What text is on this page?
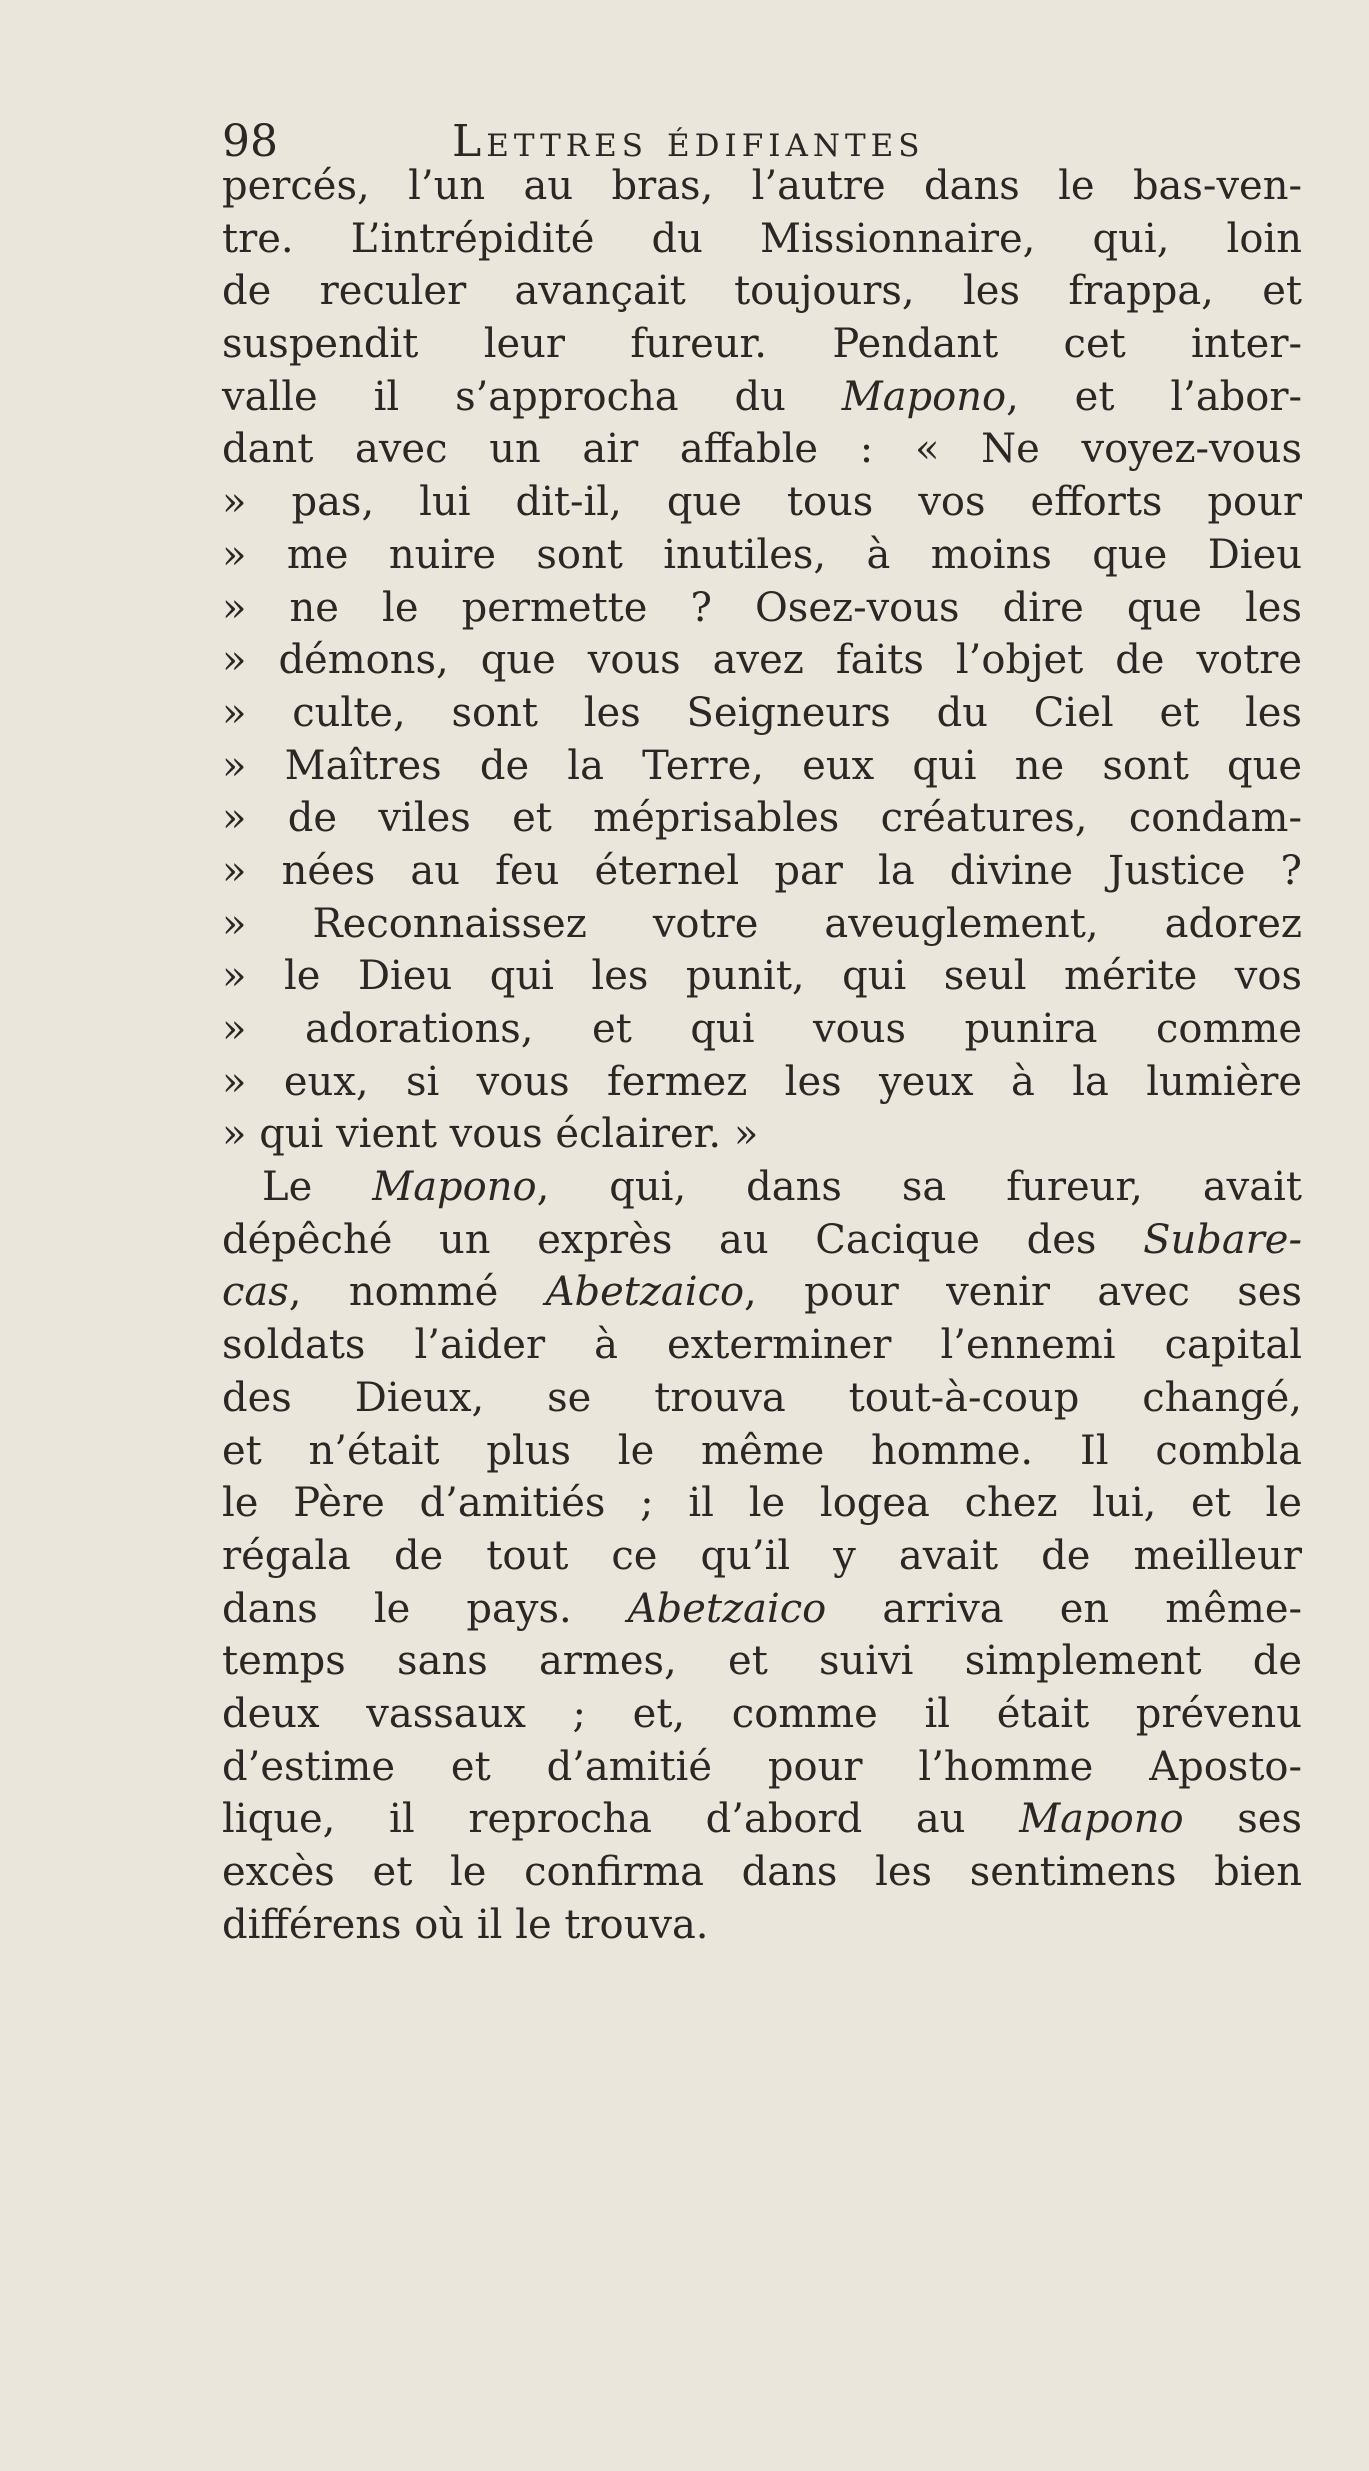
98	Lettres édifiantes
percés, l’un au bras, l’autre dans le bas-ven-
tre. L’intrépidité du Missionnaire, qui, loin
de reculer avançait toujours, les frappa, et
suspendit leur fureur. Pendant cet inter-
valle il s’approcha du Mapono, et l’abor-
dant avec un air affable : « Ne voyez-vous
» pas, lui dit-il, que tous vos efforts pour
» me nuire sont inutiles, à moins que Dieu
» ne le permette ? Osez-vous dire que les
» démons, que vous avez faits l’objet de votre
» culte, sont les Seigneurs du Ciel et les
» Maîtres de la Terre, eux qui ne sont que
» de viles et méprisables créatures, condam-
» nées au feu éternel par la divine Justice ?
» Reconnaissez votre aveuglement, adorez
» le Dieu qui les punit, qui seul mérite vos
» adorations, et qui vous punira comme
» eux, si vous fermez les yeux à la lumière
» qui vient vous éclairer. »
Le Mapono, qui, dans sa fureur, avait
dépêché un exprès au Cacique des Subare-
cas, nommé Abetzaico, pour venir avec ses
soldats l’aider à exterminer l’ennemi capital
des Dieux, se trouva tout-à-coup changé,
et n’était plus le même homme. Il combla
le Père d’amitiés ; il le logea chez lui, et le
régala de tout ce qu’il y avait de meilleur
dans le pays. Abetzaico arriva en même-
temps sans armes, et suivi simplement de
deux vassaux ; et, comme il était prévenu
d’estime et d’amitié pour l’homme Aposto-
lique, il reprocha d’abord au Mapono ses
excès et le confirma dans les sentimens bien
différens où il le trouva.
